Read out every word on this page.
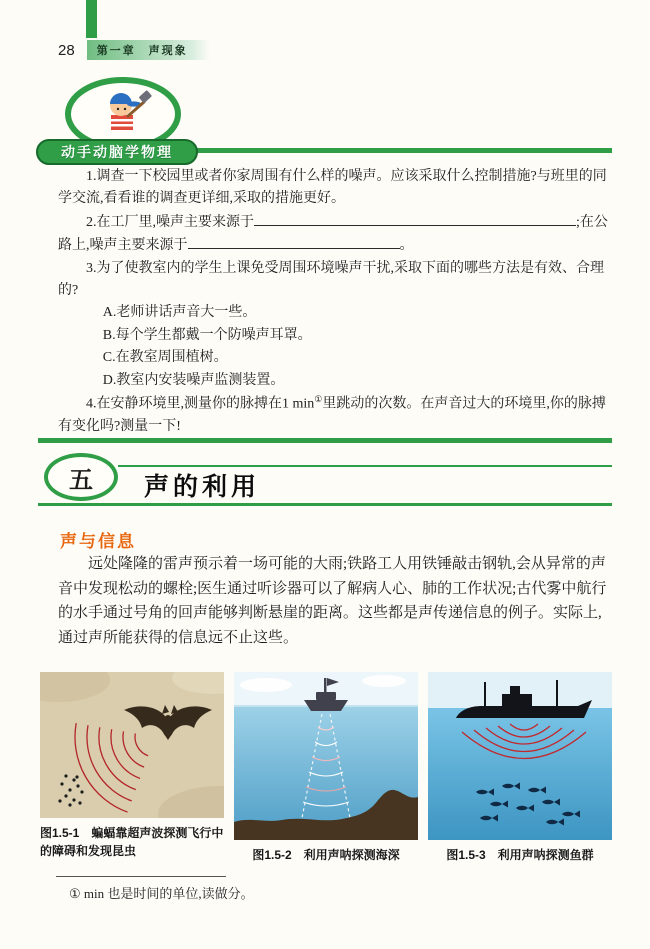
28	第一章　声现象
动手动脑学物理

1.调查一下校园里或者你家周围有什么样的噪声。应该采取什么控制措施?与班里的同学交流,看看谁的调查更详细,采取的措施更好。

2.在工厂里,噪声主要来源于	;在公路上,噪声主要来源于	。

3.为了使教室内的学生上课免受周围环境噪声干扰,采取下面的哪些方法是有效、合理的?

A.老师讲话声音大一些。

B.每个学生都戴一个防噪声耳罩。

C.在教室周围植树。

D.教室内安装噪声监测装置。

4.在安静环境里,测量你的脉搏在1 min①里跳动的次数。在声音过大的环境里,你的脉搏有变化吗?测量一下!

五	声的利用
声与信息

远处隆隆的雷声预示着一场可能的大雨;铁路工人用铁锤敲击钢轨,会从异常的声音中发现松动的螺栓;医生通过听诊器可以了解病人心、肺的工作状况;古代雾中航行的水手通过号角的回声能够判断悬崖的距离。这些都是声传递信息的例子。实际上,通过声所能获得的信息远不止这些。

图1.5-1　蝙蝠靠超声波探测飞行中的障碍和发现昆虫	图1.5-2　利用声呐探测海深	图1.5-3　利用声呐探测鱼群
① min 也是时间的单位,读做分。
